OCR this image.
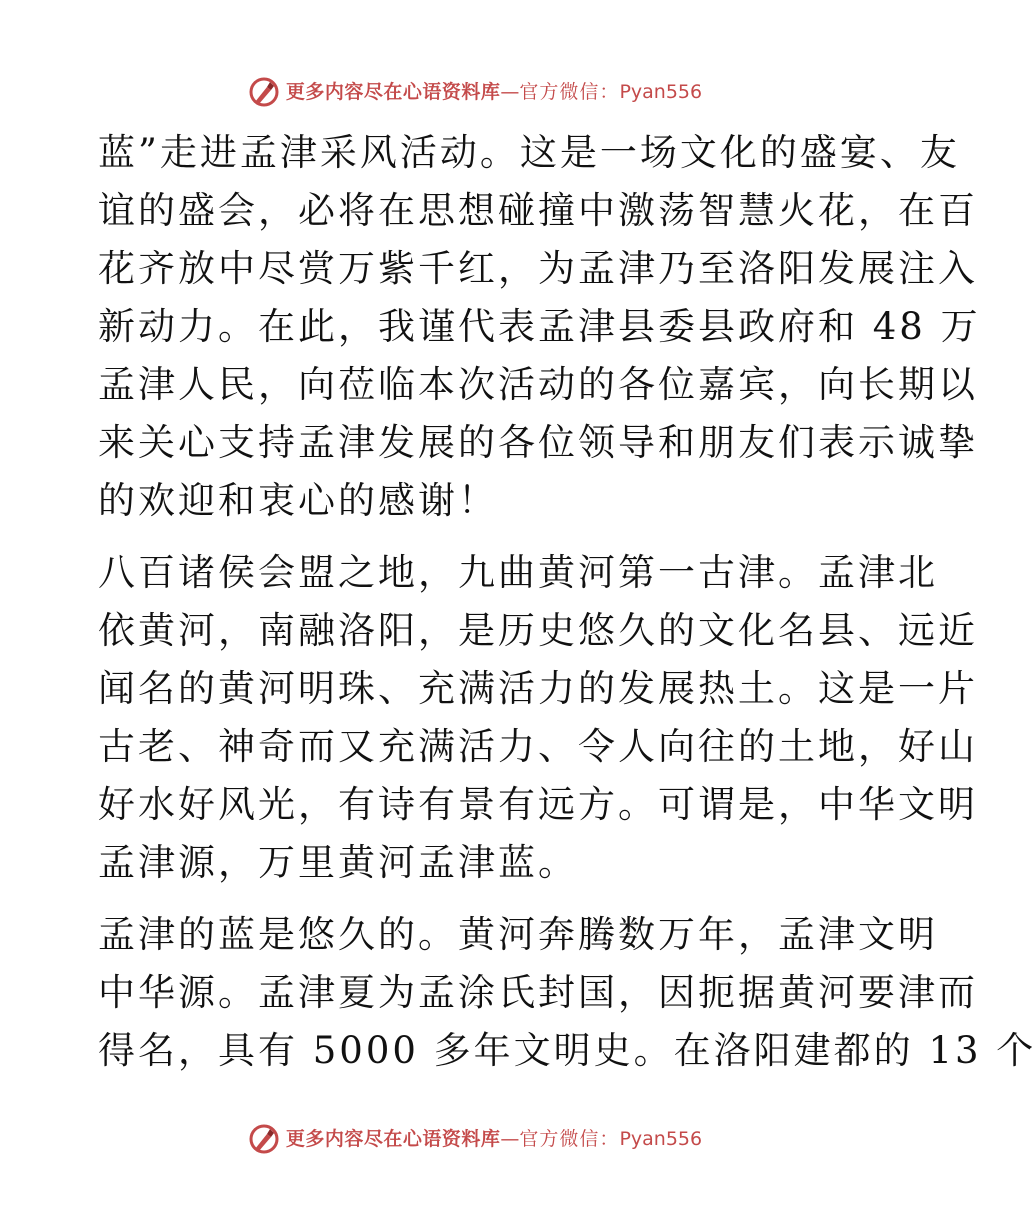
更多内容尽在心语资料库 — 官方微信： Pyan556
蓝”走进孟津采风活动。这是一场文化的盛宴、友
谊的盛会，必将在思想碰撞中激荡智慧火花，在百
花齐放中尽赏万紫千红，为孟津乃至洛阳发展注入
新动力。在此，我谨代表孟津县委县政府和 48 万
孟津人民，向莅临本次活动的各位嘉宾，向长期以
来关心支持孟津发展的各位领导和朋友们表示诚挚
的欢迎和衷心的感谢！
八百诸侯会盟之地，九曲黄河第一古津。孟津北
依黄河，南融洛阳，是历史悠久的文化名县、远近
闻名的黄河明珠、充满活力的发展热土。这是一片
古老、神奇而又充满活力、令人向往的土地，好山
好水好风光，有诗有景有远方。可谓是，中华文明
孟津源，万里黄河孟津蓝。
孟津的蓝是悠久的。黄河奔腾数万年，孟津文明
中华源。孟津夏为孟涂氏封国，因扼据黄河要津而
得名，具有 5000 多年文明史。在洛阳建都的 13 个
更多内容尽在心语资料库 — 官方微信： Pyan556
